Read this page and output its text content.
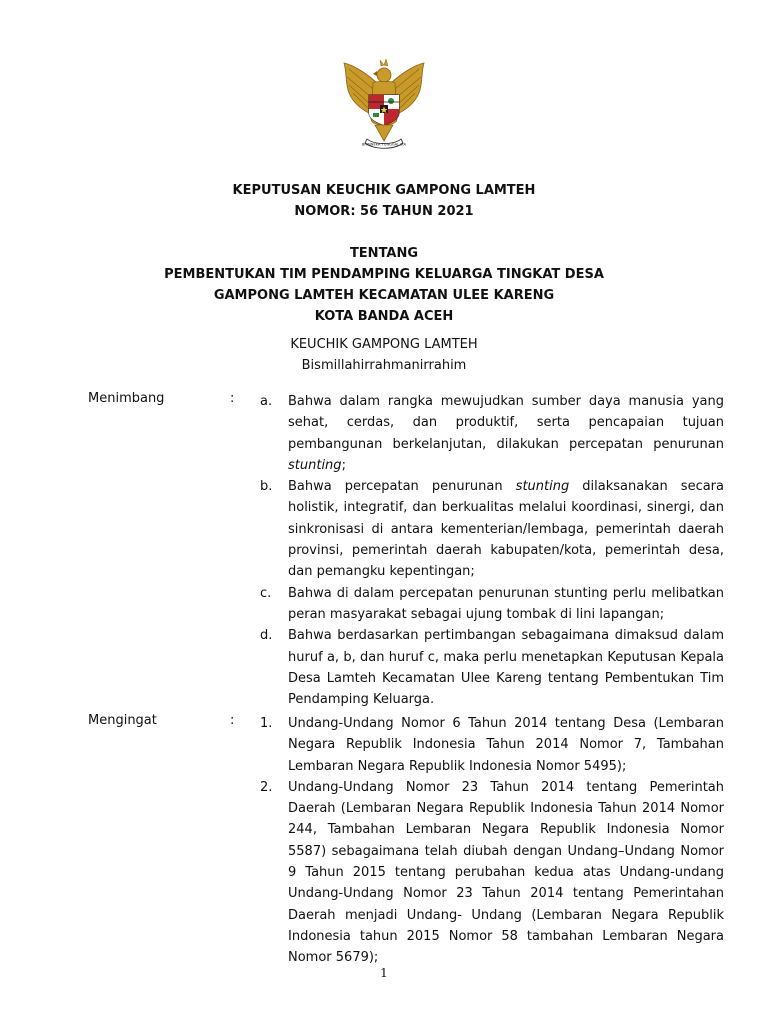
BHINNEKA TUNGGAL IKA
KEPUTUSAN KEUCHIK GAMPONG LAMTEH
NOMOR: 56 TAHUN 2021
TENTANG
PEMBENTUKAN TIM PENDAMPING KELUARGA TINGKAT DESA
GAMPONG LAMTEH KECAMATAN ULEE KARENG
KOTA BANDA ACEH
KEUCHIK GAMPONG LAMTEH
Bismillahirrahmanirrahim
Menimbang	:	a. Bahwa dalam rangka mewujudkan sumber daya manusia yang sehat, cerdas, dan produktif, serta pencapaian tujuan pembangunan berkelanjutan, dilakukan percepatan penurunan stunting;
b. Bahwa percepatan penurunan stunting dilaksanakan secara holistik, integratif, dan berkualitas melalui koordinasi, sinergi, dan sinkronisasi di antara kementerian/lembaga, pemerintah daerah provinsi, pemerintah daerah kabupaten/kota, pemerintah desa, dan pemangku kepentingan;
c. Bahwa di dalam percepatan penurunan stunting perlu melibatkan peran masyarakat sebagai ujung tombak di lini lapangan;
d. Bahwa berdasarkan pertimbangan sebagaimana dimaksud dalam huruf a, b, dan huruf c, maka perlu menetapkan Keputusan Kepala Desa Lamteh Kecamatan Ulee Kareng tentang Pembentukan Tim Pendamping Keluarga.
Mengingat	:	1. Undang-Undang Nomor 6 Tahun 2014 tentang Desa (Lembaran Negara Republik Indonesia Tahun 2014 Nomor 7, Tambahan Lembaran Negara Republik Indonesia Nomor 5495);
2. Undang-Undang Nomor 23 Tahun 2014 tentang Pemerintah Daerah (Lembaran Negara Republik Indonesia Tahun 2014 Nomor 244, Tambahan Lembaran Negara Republik Indonesia Nomor 5587) sebagaimana telah diubah dengan Undang–Undang Nomor 9 Tahun 2015 tentang perubahan kedua atas Undang-undang Undang-Undang Nomor 23 Tahun 2014 tentang Pemerintahan Daerah menjadi Undang- Undang (Lembaran Negara Republik Indonesia tahun 2015 Nomor 58 tambahan Lembaran Negara Nomor 5679);
1
